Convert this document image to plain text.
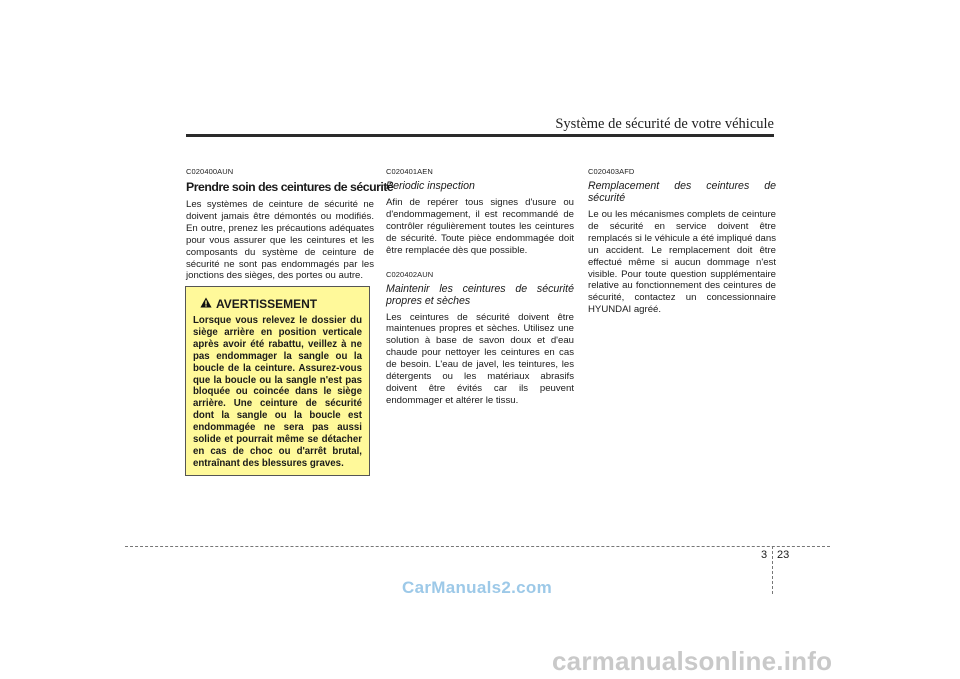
Système de sécurité de votre véhicule
C020400AUN
Prendre soin des ceintures de sécurité

Les systèmes de ceinture de sécurité ne doivent jamais être démontés ou modifiés. En outre, prenez les précautions adéquates pour vous assurer que les ceintures et les composants du système de ceinture de sécurité ne sont pas endommagés par les jonctions des sièges, des portes ou autre.

AVERTISSEMENT

Lorsque vous relevez le dossier du siège arrière en position verticale après avoir été rabattu, veillez à ne pas endommager la sangle ou la boucle de la ceinture. Assurez-vous que la boucle ou la sangle n'est pas bloquée ou coincée dans le siège arrière. Une ceinture de sécurité dont la sangle ou la boucle est endommagée ne sera pas aussi solide et pourrait même se détacher en cas de choc ou d'arrêt brutal, entraînant des blessures graves.

C020401AEN
Periodic inspection

Afin de repérer tous signes d'usure ou d'endommagement, il est recommandé de contrôler régulièrement toutes les ceintures de sécurité. Toute pièce endommagée doit être remplacée dès que possible.

C020402AUN
Maintenir les ceintures de sécurité propres et sèches

Les ceintures de sécurité doivent être maintenues propres et sèches. Utilisez une solution à base de savon doux et d'eau chaude pour nettoyer les ceintures en cas de besoin. L'eau de javel, les teintures, les détergents ou les matériaux abrasifs doivent être évités car ils peuvent endommager et altérer le tissu.

C020403AFD
Remplacement des ceintures de sécurité

Le ou les mécanismes complets de ceinture de sécurité en service doivent être remplacés si le véhicule a été impliqué dans un accident. Le remplacement doit être effectué même si aucun dommage n'est visible. Pour toute question supplémentaire relative au fonctionnement des ceintures de sécurité, contactez un concessionnaire HYUNDAI agréé.

3 23
CarManuals2.com
carmanualsonline.info
